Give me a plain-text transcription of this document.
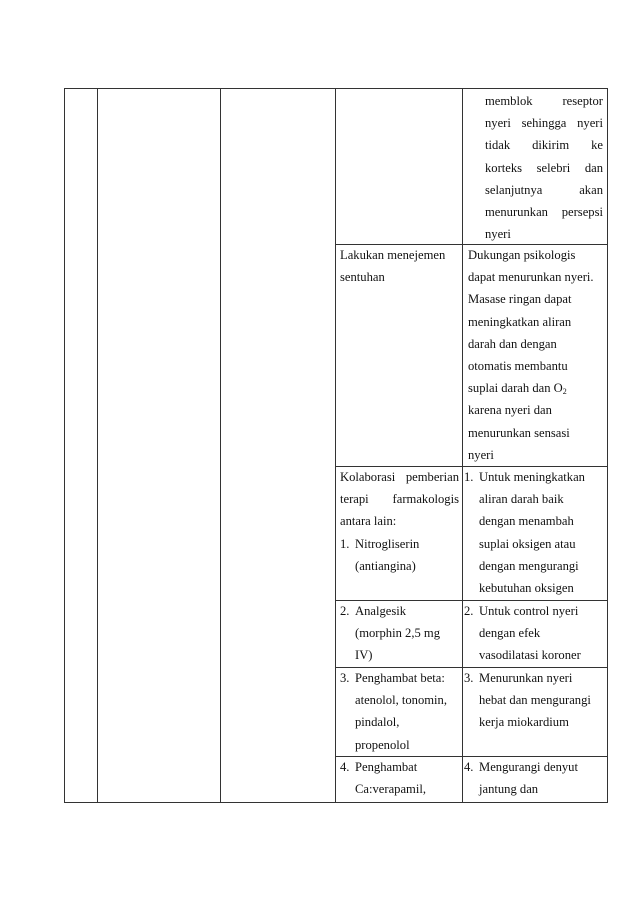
memblok reseptor
nyeri sehingga nyeri
tidak dikirim ke
korteks selebri dan
selanjutnya	akan
menurunkan persepsi
nyeri
Lakukan menejemen
sentuhan
Dukungan psikologis
dapat menurunkan nyeri.
Masase ringan dapat
meningkatkan aliran
darah dan dengan
otomatis membantu
suplai darah dan $O_2$
karena nyeri dan
menurunkan sensasi
nyeri
Kolaborasi pemberian
terapi farmakologis
antara lain:
1. Nitrogliserin
(antiangina)
1. Untuk meningkatkan
aliran darah baik
dengan menambah
suplai oksigen atau
dengan mengurangi
kebutuhan oksigen
2. Analgesik
(morphin 2,5 mg
IV)
2. Untuk control nyeri
dengan efek
vasodilatasi koroner
3. Penghambat beta:
atenolol, tonomin,
pindalol,
propenolol
3. Menurunkan nyeri
hebat dan mengurangi
kerja miokardium
4. Penghambat
Ca:verapamil,
4. Mengurangi denyut
jantung dan
